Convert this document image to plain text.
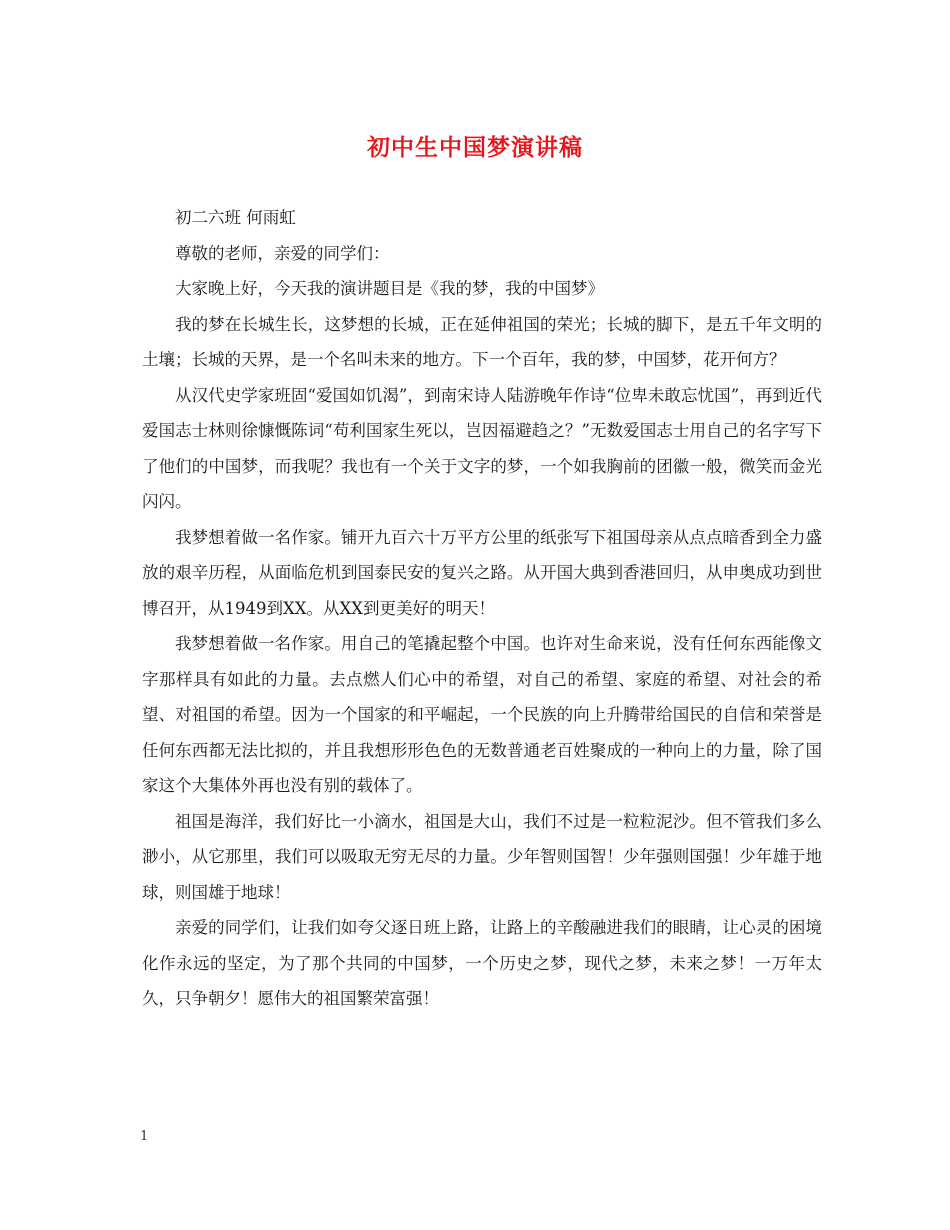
初中生中国梦演讲稿

初二六班 何雨虹

尊敬的老师，亲爱的同学们：

大家晚上好，今天我的演讲题目是《我的梦，我的中国梦》

我的梦在长城生长，这梦想的长城，正在延伸祖国的荣光；长城的脚下，是五千年文明的土壤；长城的天界，是一个名叫未来的地方。下一个百年，我的梦，中国梦，花开何方？

从汉代史学家班固“爱国如饥渴”，到南宋诗人陆游晚年作诗“位卑未敢忘忧国”，再到近代爱国志士林则徐慷慨陈词“苟利国家生死以，岂因福避趋之？”无数爱国志士用自己的名字写下了他们的中国梦，而我呢？我也有一个关于文字的梦，一个如我胸前的团徽一般，微笑而金光闪闪。

我梦想着做一名作家。铺开九百六十万平方公里的纸张写下祖国母亲从点点暗香到全力盛放的艰辛历程，从面临危机到国泰民安的复兴之路。从开国大典到香港回归，从申奥成功到世博召开，从1949到XX。从XX到更美好的明天！

我梦想着做一名作家。用自己的笔撬起整个中国。也许对生命来说，没有任何东西能像文字那样具有如此的力量。去点燃人们心中的希望，对自己的希望、家庭的希望、对社会的希望、对祖国的希望。因为一个国家的和平崛起，一个民族的向上升腾带给国民的自信和荣誉是任何东西都无法比拟的，并且我想形形色色的无数普通老百姓聚成的一种向上的力量，除了国家这个大集体外再也没有别的载体了。

祖国是海洋，我们好比一小滴水，祖国是大山，我们不过是一粒粒泥沙。但不管我们多么渺小，从它那里，我们可以吸取无穷无尽的力量。少年智则国智！少年强则国强！少年雄于地球，则国雄于地球！

亲爱的同学们，让我们如夸父逐日班上路，让路上的辛酸融进我们的眼睛，让心灵的困境化作永远的坚定，为了那个共同的中国梦，一个历史之梦，现代之梦，未来之梦！一万年太久，只争朝夕！愿伟大的祖国繁荣富强！

1
